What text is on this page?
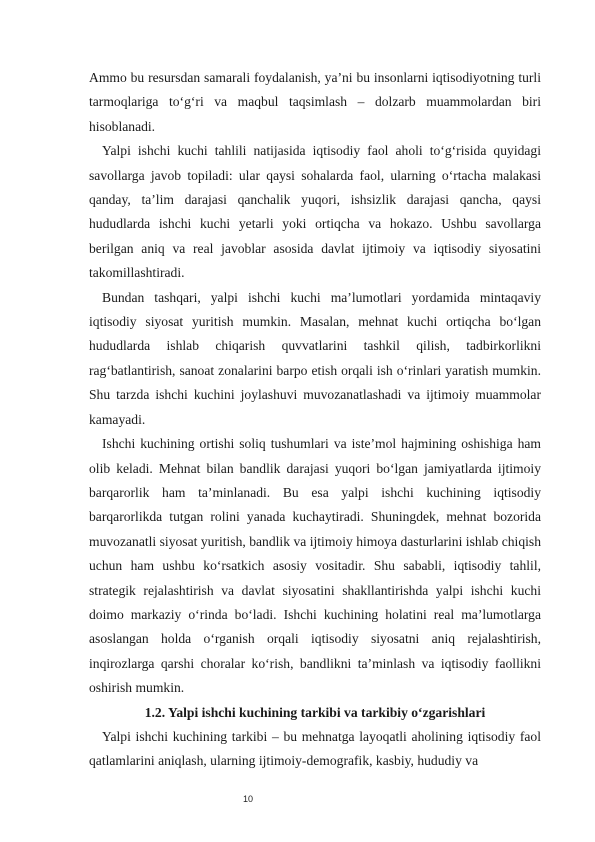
Ammo bu resursdan samarali foydalanish, ya’ni bu insonlarni iqtisodiyotning turli tarmoqlariga to‘g‘ri va maqbul taqsimlash – dolzarb muammolardan biri hisoblanadi.

Yalpi ishchi kuchi tahlili natijasida iqtisodiy faol aholi to‘g‘risida quyidagi savollarga javob topiladi: ular qaysi sohalarda faol, ularning o‘rtacha malakasi qanday, ta’lim darajasi qanchalik yuqori, ishsizlik darajasi qancha, qaysi hududlarda ishchi kuchi yetarli yoki ortiqcha va hokazo. Ushbu savollarga berilgan aniq va real javoblar asosida davlat ijtimoiy va iqtisodiy siyosatini takomillashtiradi.

Bundan tashqari, yalpi ishchi kuchi ma’lumotlari yordamida mintaqaviy iqtisodiy siyosat yuritish mumkin. Masalan, mehnat kuchi ortiqcha bo‘lgan hududlarda ishlab chiqarish quvvatlarini tashkil qilish, tadbirkorlikni rag‘batlantirish, sanoat zonalarini barpo etish orqali ish o‘rinlari yaratish mumkin. Shu tarzda ishchi kuchini joylashuvi muvozanatlashadi va ijtimoiy muammolar kamayadi.

Ishchi kuchining ortishi soliq tushumlari va iste’mol hajmining oshishiga ham olib keladi. Mehnat bilan bandlik darajasi yuqori bo‘lgan jamiyatlarda ijtimoiy barqarorlik ham ta’minlanadi. Bu esa yalpi ishchi kuchining iqtisodiy barqarorlikda tutgan rolini yanada kuchaytiradi. Shuningdek, mehnat bozorida muvozanatli siyosat yuritish, bandlik va ijtimoiy himoya dasturlarini ishlab chiqish uchun ham ushbu ko‘rsatkich asosiy vositadir. Shu sababli, iqtisodiy tahlil, strategik rejalashtirish va davlat siyosatini shakllantirishda yalpi ishchi kuchi doimo markaziy o‘rinda bo‘ladi. Ishchi kuchining holatini real ma’lumotlarga asoslangan holda o‘rganish orqali iqtisodiy siyosatni aniq rejalashtirish, inqirozlarga qarshi choralar ko‘rish, bandlikni ta’minlash va iqtisodiy faollikni oshirish mumkin.

1.2. Yalpi ishchi kuchining tarkibi va tarkibiy o‘zgarishlari

Yalpi ishchi kuchining tarkibi – bu mehnatga layoqatli aholining iqtisodiy faol qatlamlarini aniqlash, ularning ijtimoiy-demografik, kasbiy, hududiy va

10
